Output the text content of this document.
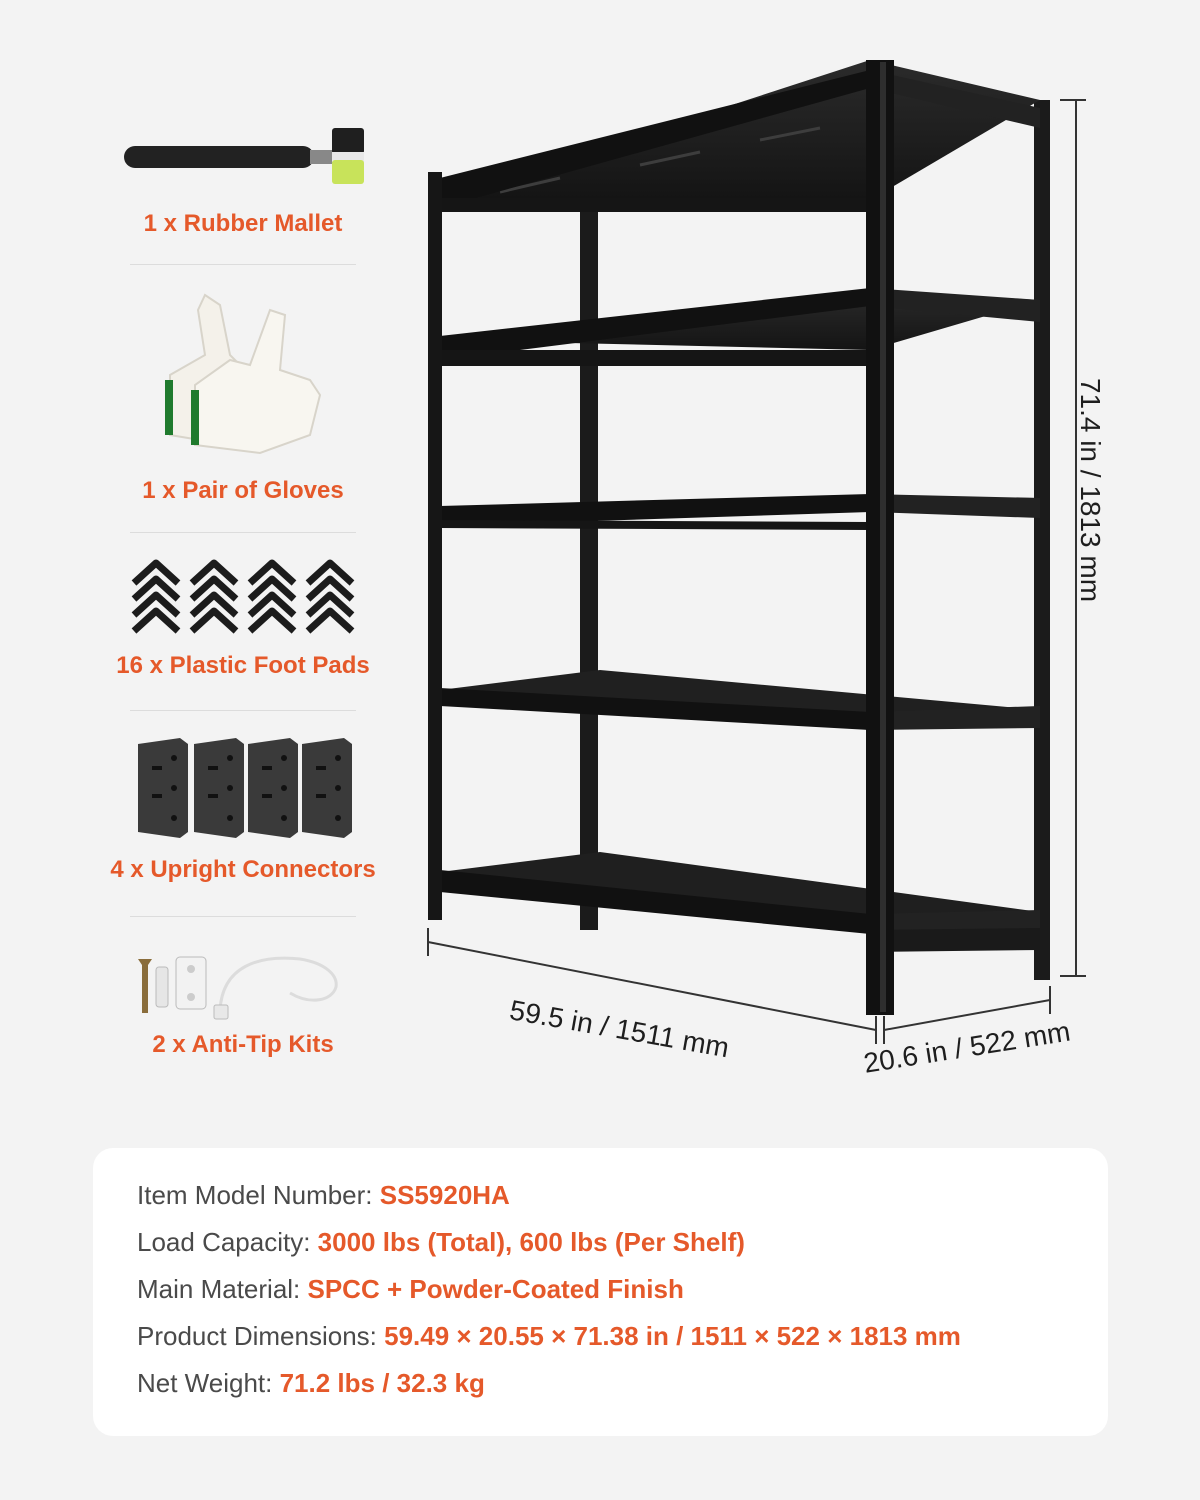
1 x Rubber Mallet
1 x Pair of Gloves
16 x Plastic Foot Pads
4 x Upright Connectors
2 x Anti-Tip Kits
71.4 in / 1813 mm
59.5 in / 1511 mm	20.6 in / 522 mm
Item Model Number: SS5920HA
Load Capacity: 3000 lbs (Total), 600 lbs (Per Shelf)
Main Material: SPCC + Powder-Coated Finish
Product Dimensions: 59.49 × 20.55 × 71.38 in / 1511 × 522 × 1813 mm
Net Weight: 71.2 lbs / 32.3 kg
